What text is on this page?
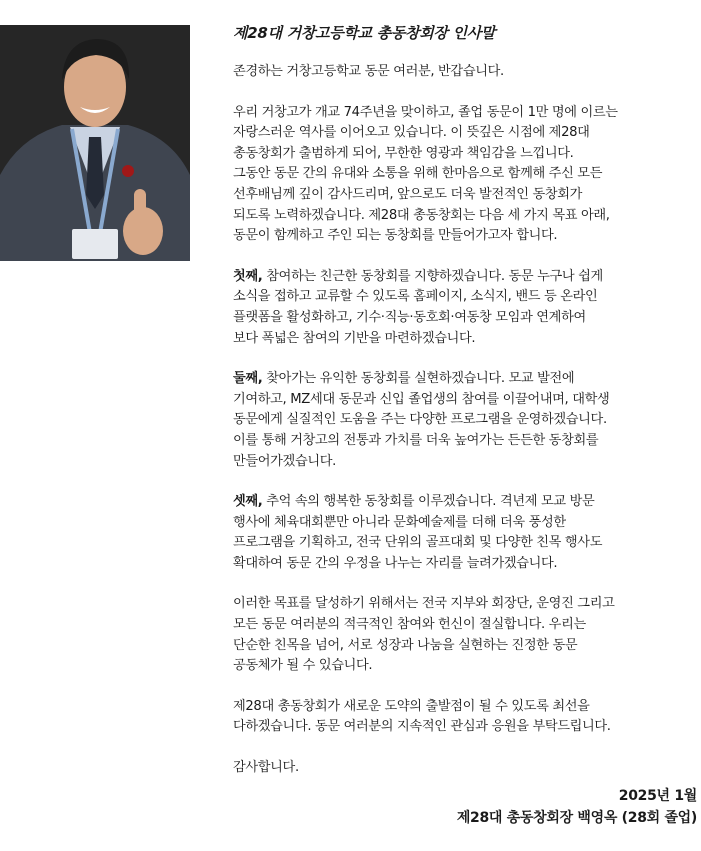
제28대 거창고등학교 총동창회장 인사말
존경하는 거창고등학교 동문 여러분, 반갑습니다.
우리 거창고가 개교 74주년을 맞이하고, 졸업 동문이 1만 명에 이르는
자랑스러운 역사를 이어오고 있습니다. 이 뜻깊은 시점에 제28대
총동창회가 출범하게 되어, 무한한 영광과 책임감을 느낍니다.
그동안 동문 간의 유대와 소통을 위해 한마음으로 함께해 주신 모든
선후배님께 깊이 감사드리며, 앞으로도 더욱 발전적인 동창회가
되도록 노력하겠습니다. 제28대 총동창회는 다음 세 가지 목표 아래,
동문이 함께하고 주인 되는 동창회를 만들어가고자 합니다.
첫째, 참여하는 친근한 동창회를 지향하겠습니다. 동문 누구나 쉽게
소식을 접하고 교류할 수 있도록 홈페이지, 소식지, 밴드 등 온라인
플랫폼을 활성화하고, 기수·직능·동호회·여동창 모임과 연계하여
보다 폭넓은 참여의 기반을 마련하겠습니다.
둘째, 찾아가는 유익한 동창회를 실현하겠습니다. 모교 발전에
기여하고, MZ세대 동문과 신입 졸업생의 참여를 이끌어내며, 대학생
동문에게 실질적인 도움을 주는 다양한 프로그램을 운영하겠습니다.
이를 통해 거창고의 전통과 가치를 더욱 높여가는 든든한 동창회를
만들어가겠습니다.
셋째, 추억 속의 행복한 동창회를 이루겠습니다. 격년제 모교 방문
행사에 체육대회뿐만 아니라 문화예술제를 더해 더욱 풍성한
프로그램을 기획하고, 전국 단위의 골프대회 및 다양한 친목 행사도
확대하여 동문 간의 우정을 나누는 자리를 늘려가겠습니다.
이러한 목표를 달성하기 위해서는 전국 지부와 회장단, 운영진 그리고
모든 동문 여러분의 적극적인 참여와 헌신이 절실합니다. 우리는
단순한 친목을 넘어, 서로 성장과 나눔을 실현하는 진정한 동문
공동체가 될 수 있습니다.
제28대 총동창회가 새로운 도약의 출발점이 될 수 있도록 최선을
다하겠습니다. 동문 여러분의 지속적인 관심과 응원을 부탁드립니다.
감사합니다.
2025년 1월
제28대 총동창회장 백영옥 (28회 졸업)
